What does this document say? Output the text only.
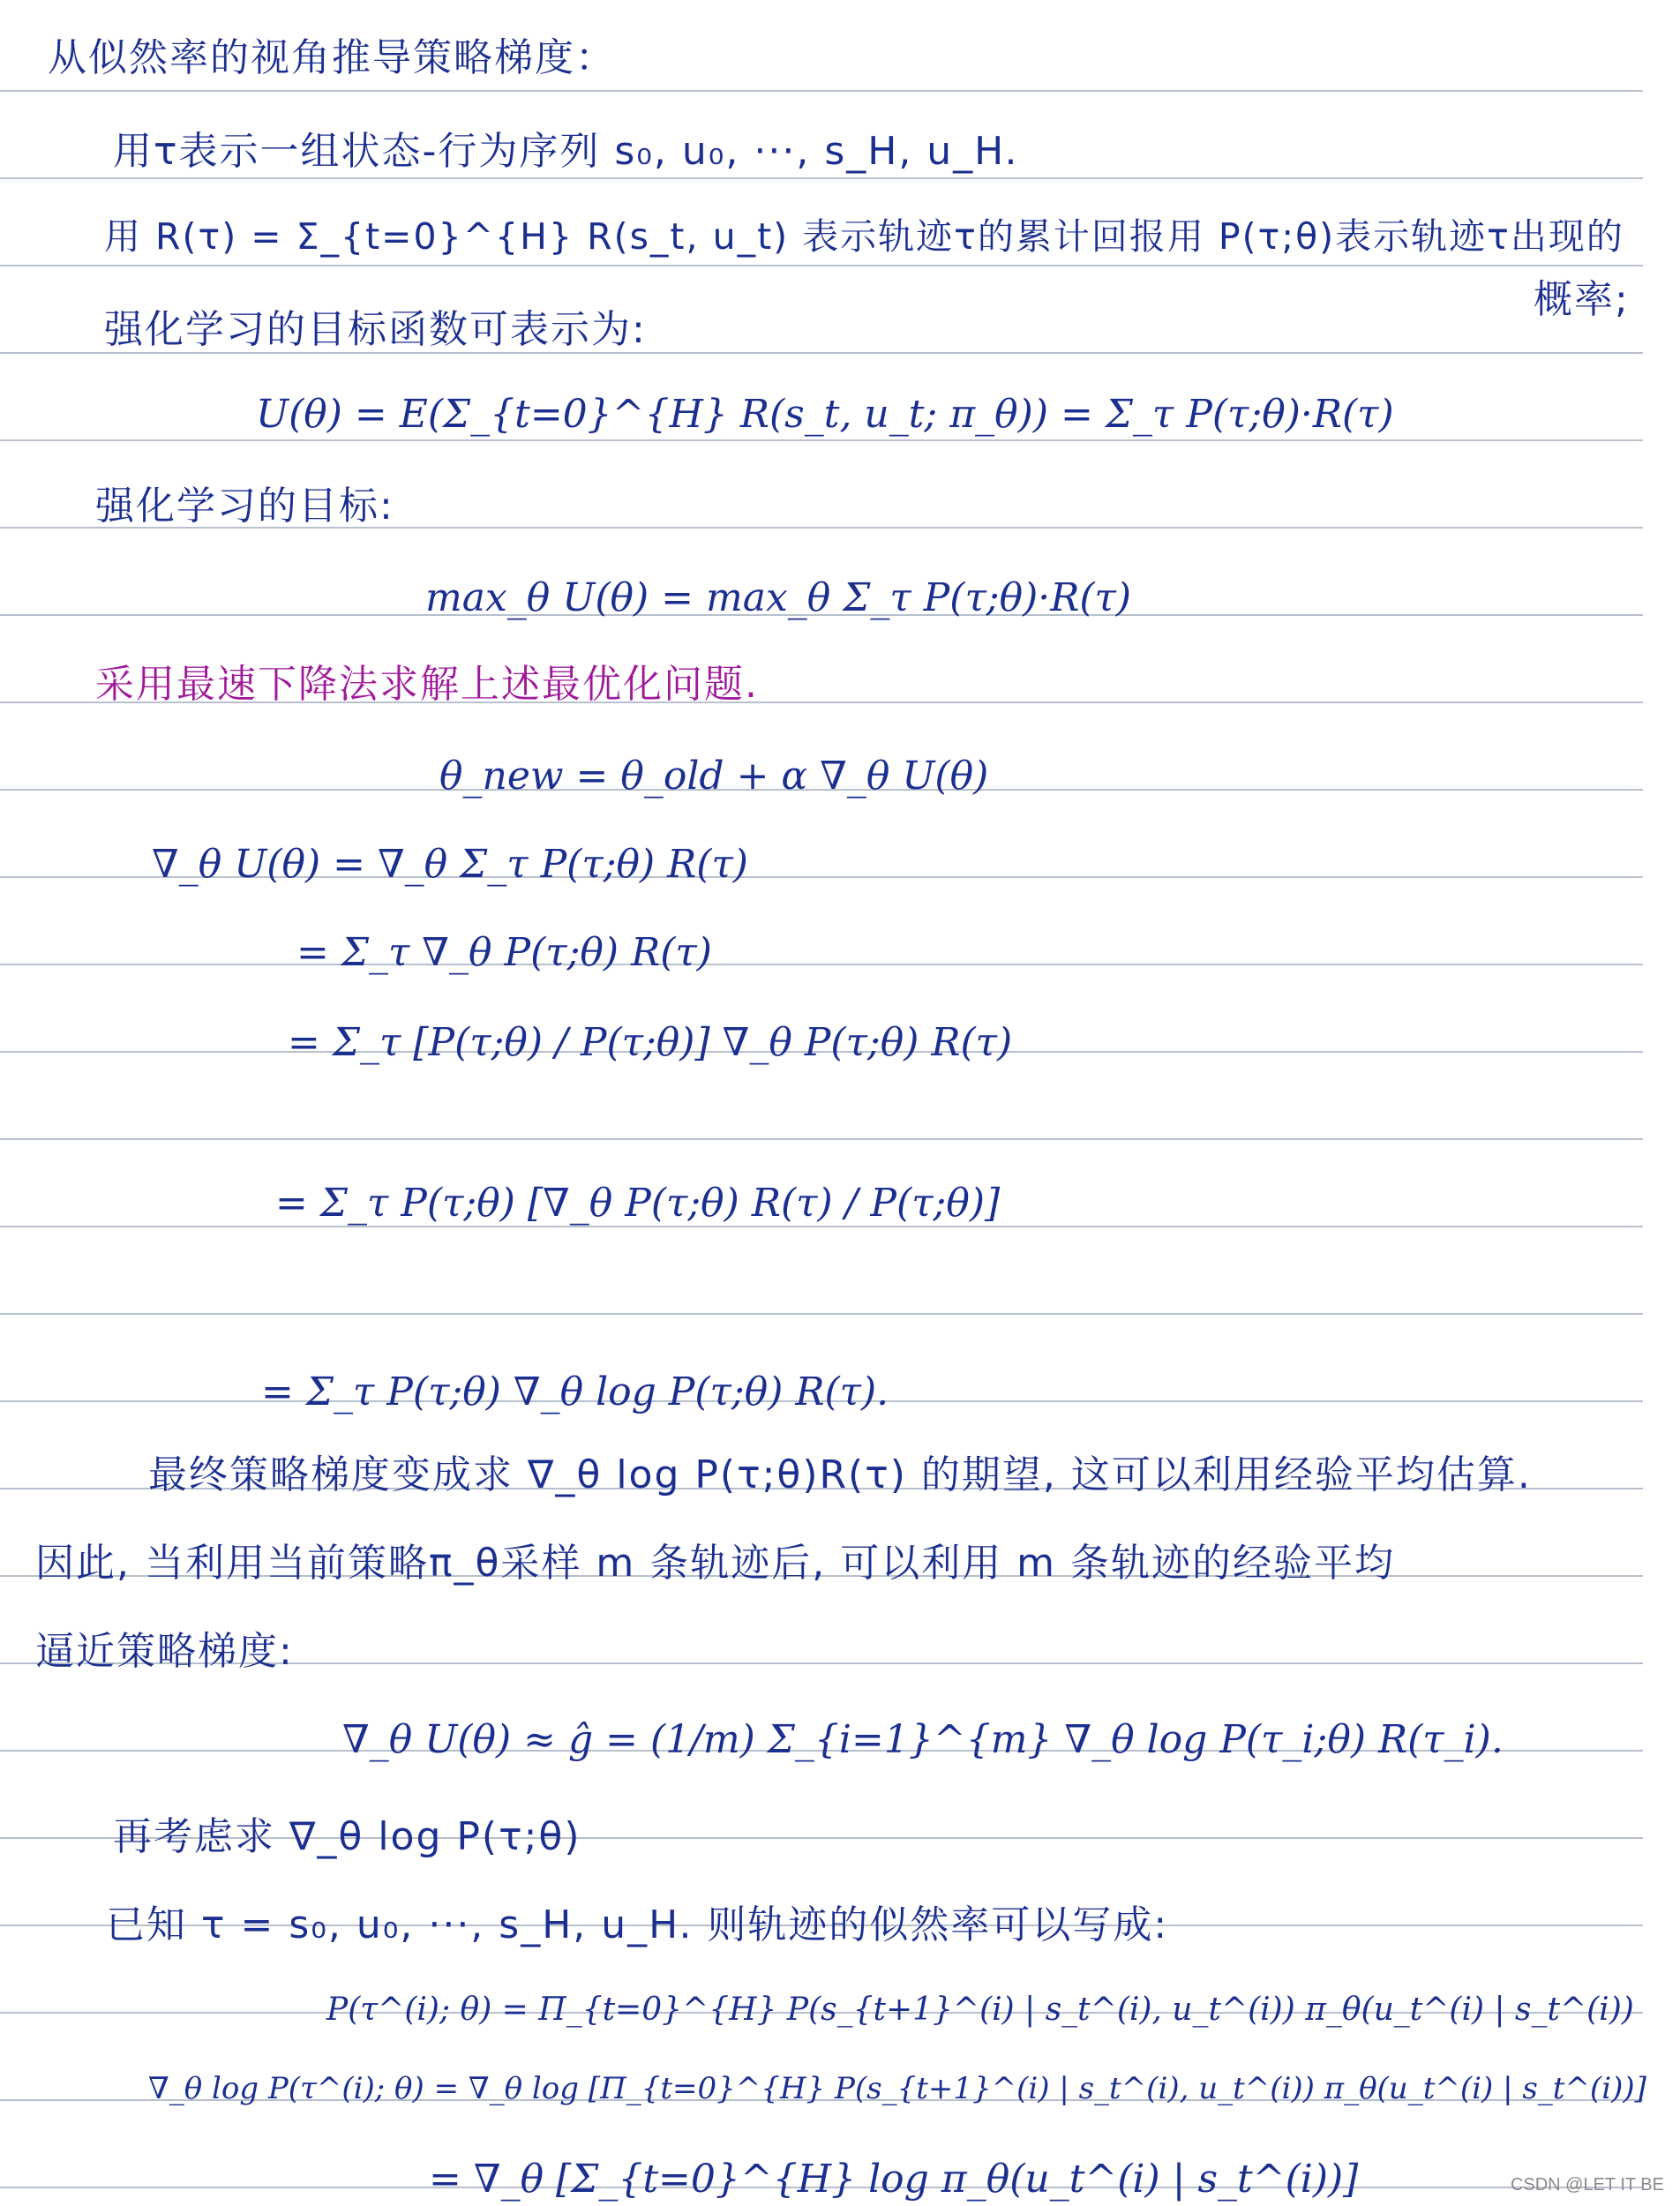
从似然率的视角推导策略梯度：
用τ表示一组状态-行为序列 s₀, u₀, ···, s_H, u_H.
用 R(τ) = Σ_{t=0}^{H} R(s_t, u_t) 表示轨迹τ的累计回报用 P(τ;θ)表示轨迹τ出现的
概率;
强化学习的目标函数可表示为:
U(θ) = E(Σ_{t=0}^{H} R(s_t, u_t; π_θ)) = Σ_τ P(τ;θ)·R(τ)
强化学习的目标:
max_θ U(θ) = max_θ Σ_τ P(τ;θ)·R(τ)
采用最速下降法求解上述最优化问题.
θ_new = θ_old + α ∇_θ U(θ)
∇_θ U(θ) = ∇_θ Σ_τ P(τ;θ) R(τ)
= Σ_τ ∇_θ P(τ;θ) R(τ)
= Σ_τ [P(τ;θ) / P(τ;θ)] ∇_θ P(τ;θ) R(τ)
= Σ_τ P(τ;θ) [∇_θ P(τ;θ) R(τ) / P(τ;θ)]
= Σ_τ P(τ;θ) ∇_θ log P(τ;θ) R(τ).
最终策略梯度变成求 ∇_θ log P(τ;θ)R(τ) 的期望, 这可以利用经验平均估算.
因此, 当利用当前策略π_θ采样 m 条轨迹后, 可以利用 m 条轨迹的经验平均
逼近策略梯度:
∇_θ U(θ) ≈ ĝ = (1/m) Σ_{i=1}^{m} ∇_θ log P(τ_i;θ) R(τ_i).
再考虑求 ∇_θ log P(τ;θ)
已知 τ = s₀, u₀, ···, s_H, u_H. 则轨迹的似然率可以写成:
P(τ^(i); θ) = Π_{t=0}^{H} P(s_{t+1}^(i) | s_t^(i), u_t^(i)) π_θ(u_t^(i) | s_t^(i))
∇_θ log P(τ^(i); θ) = ∇_θ log [Π_{t=0}^{H} P(s_{t+1}^(i) | s_t^(i), u_t^(i)) π_θ(u_t^(i) | s_t^(i))]
= ∇_θ [Σ_{t=0}^{H} log π_θ(u_t^(i) | s_t^(i))]	CSDN @LET IT BE
